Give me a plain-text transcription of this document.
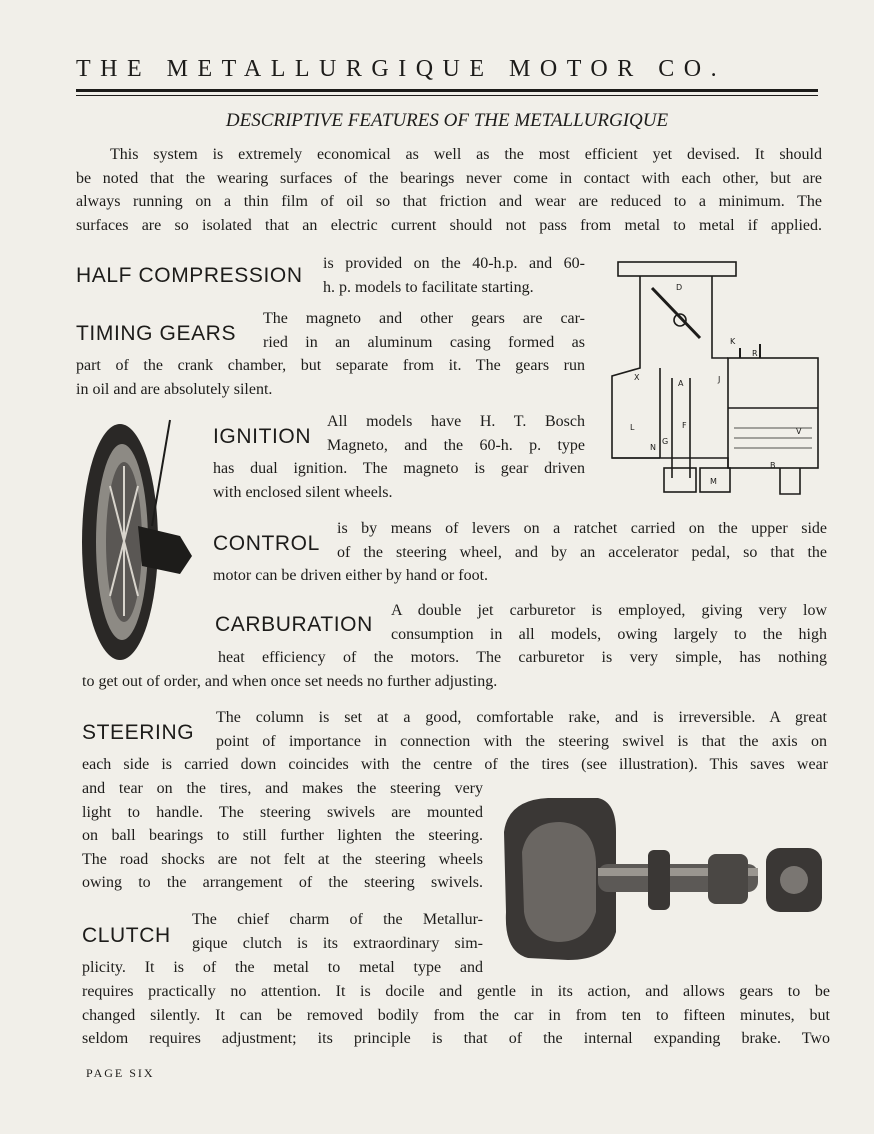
THE METALLURGIQUE MOTOR CO.
DESCRIPTIVE FEATURES OF THE METALLURGIQUE
This system is extremely economical as well as the most efficient yet devised. It should
be noted that the wearing surfaces of the bearings never come in contact with each other, but are
always running on a thin film of oil so that friction and wear are reduced to a minimum. The
surfaces are so isolated that an electric current should not pass from metal to metal if applied.
HALF COMPRESSION
is provided on the 40-h.p. and 60-
h. p. models to facilitate starting.
TIMING GEARS
The magneto and other gears are car-
ried in an aluminum casing formed as
part of the crank chamber, but separate from it. The gears run
in oil and are absolutely silent.
IGNITION
All models have H. T. Bosch
Magneto, and the 60-h. p. type
has dual ignition. The magneto is gear driven
with enclosed silent wheels.
CONTROL
is by means of levers on a ratchet carried on the upper side
of the steering wheel, and by an accelerator pedal, so that the
motor can be driven either by hand or foot.
CARBURATION
A double jet carburetor is employed, giving very low
consumption in all models, owing largely to the high
heat efficiency of the motors. The carburetor is very simple, has nothing
to get out of order, and when once set needs no further adjusting.
STEERING
The column is set at a good, comfortable rake, and is irreversible. A great
point of importance in connection with the steering swivel is that the axis on
each side is carried down coincides with the centre of the tires (see illustration). This saves wear
and tear on the tires, and makes the steering very
light to handle. The steering swivels are mounted
on ball bearings to still further lighten the steering.
The road shocks are not felt at the steering wheels
owing to the arrangement of the steering swivels.
CLUTCH
The chief charm of the Metallur-
gique clutch is its extraordinary sim-
plicity. It is of the metal to metal type and
requires practically no attention. It is docile and gentle in its action, and allows gears to be
changed silently. It can be removed bodily from the car in from ten to fifteen minutes, but
seldom requires adjustment; its principle is that of the internal expanding brake. Two
PAGE SIX
D
K
R
X
A	J
L	V
N
G
M
B
F
